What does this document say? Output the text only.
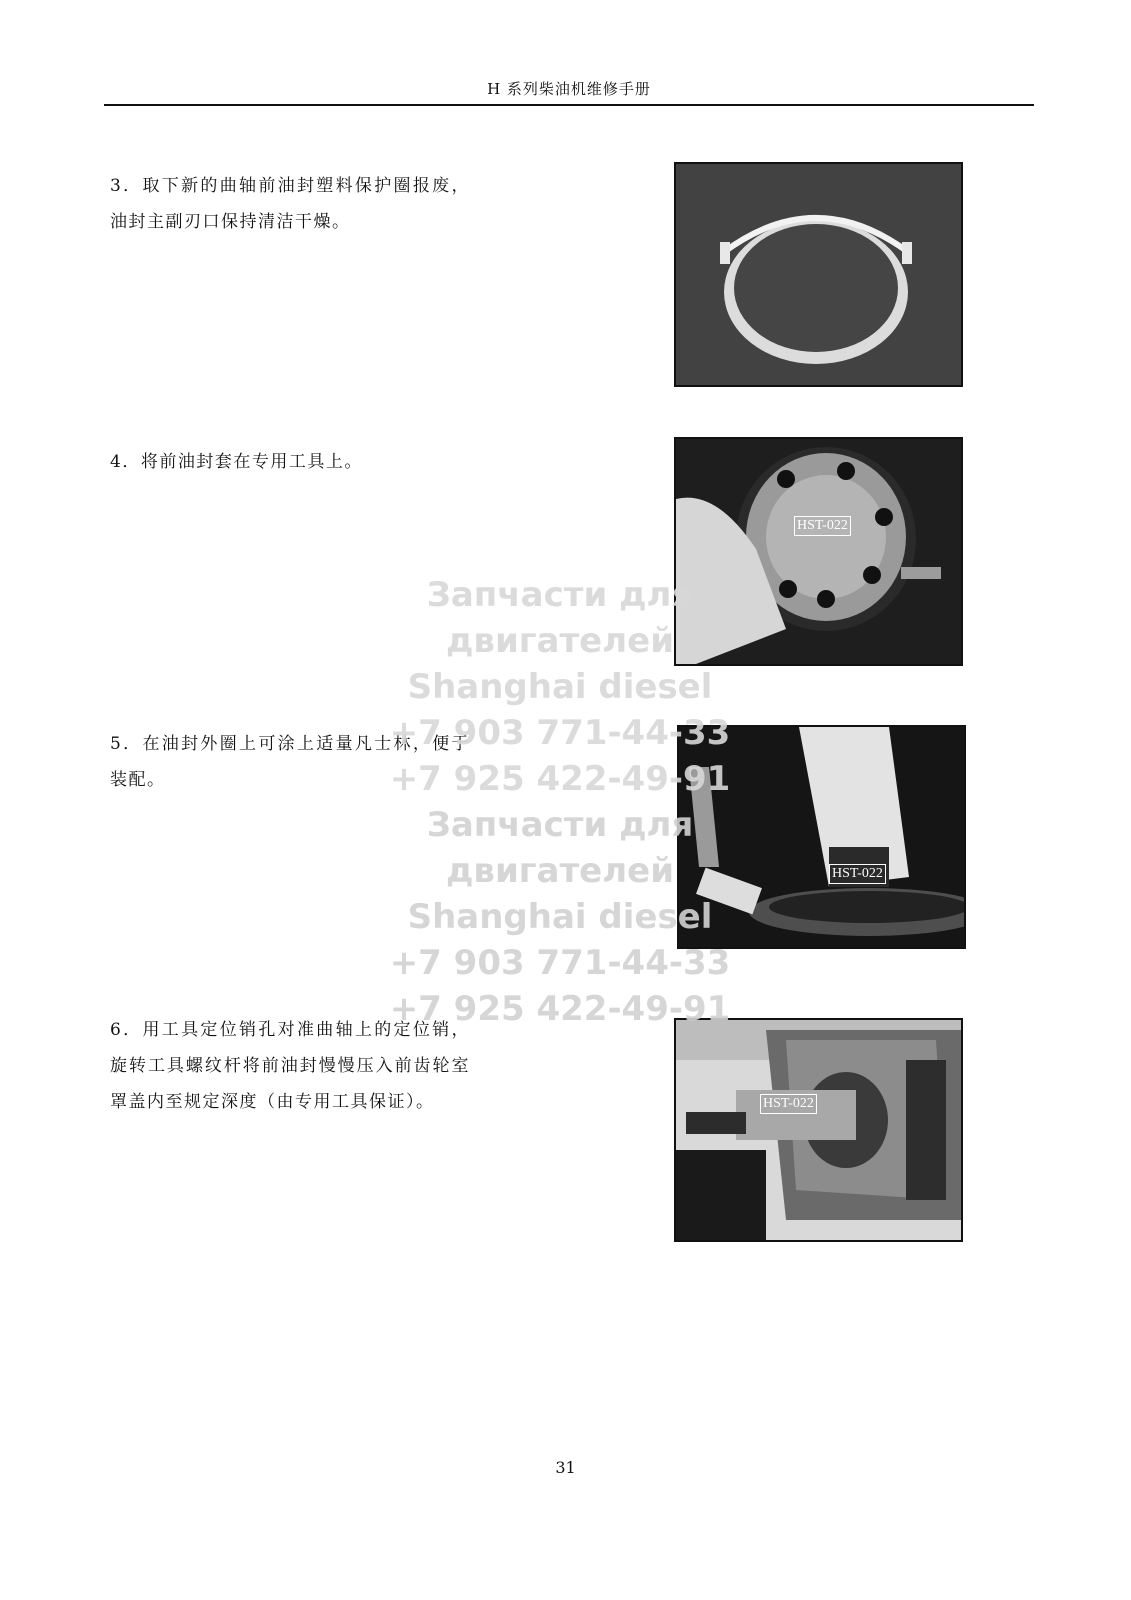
H 系列柴油机维修手册
3．取下新的曲轴前油封塑料保护圈报废，油封主副刃口保持清洁干燥。
4．将前油封套在专用工具上。
HST-022
5．在油封外圈上可涂上适量凡士林，便于装配。
HST-022
6．用工具定位销孔对准曲轴上的定位销，旋转工具螺纹杆将前油封慢慢压入前齿轮室罩盖内至规定深度（由专用工具保证）。	HST-022
Запчасти для двигателей
Shanghai diesel
+7 903 771-44-33
+7 925 422-49-91
Запчасти для двигателей
Shanghai diesel
+7 903 771-44-33
+7 925 422-49-91
31
